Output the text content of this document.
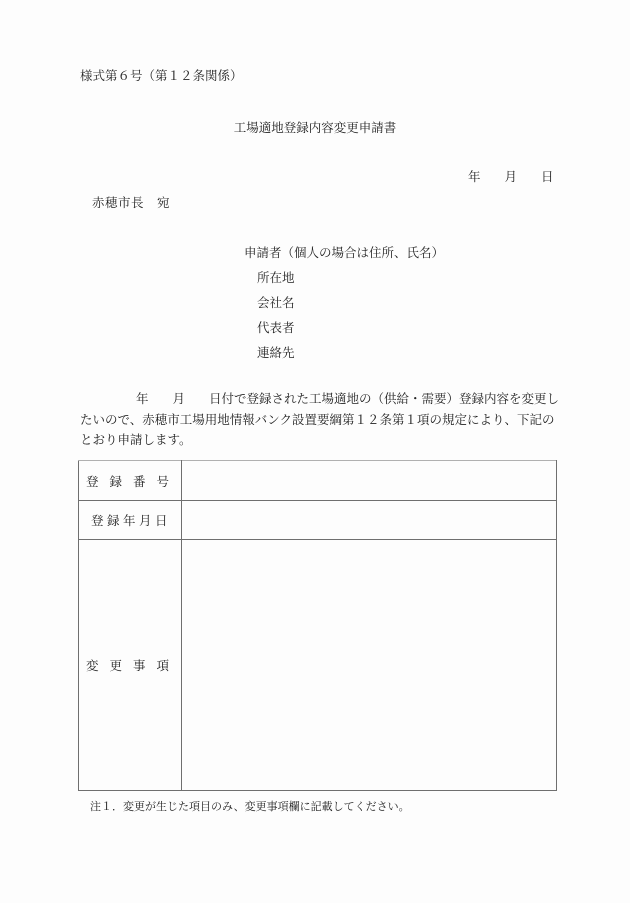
様式第６号（第１２条関係）
工場適地登録内容変更申請書
年 月 日
赤穂市長　宛
申請者（個人の場合は住所、氏名）
所在地
会社名
代表者
連絡先
年 月 日付で登録された工場適地の（供給・需要）登録内容を変更したいので、赤穂市工場用地情報バンク設置要綱第１２条第１項の規定により、下記のとおり申請します。
登録番号	
登録年月日	
変更事項	
注１．変更が生じた項目のみ、変更事項欄に記載してください。
